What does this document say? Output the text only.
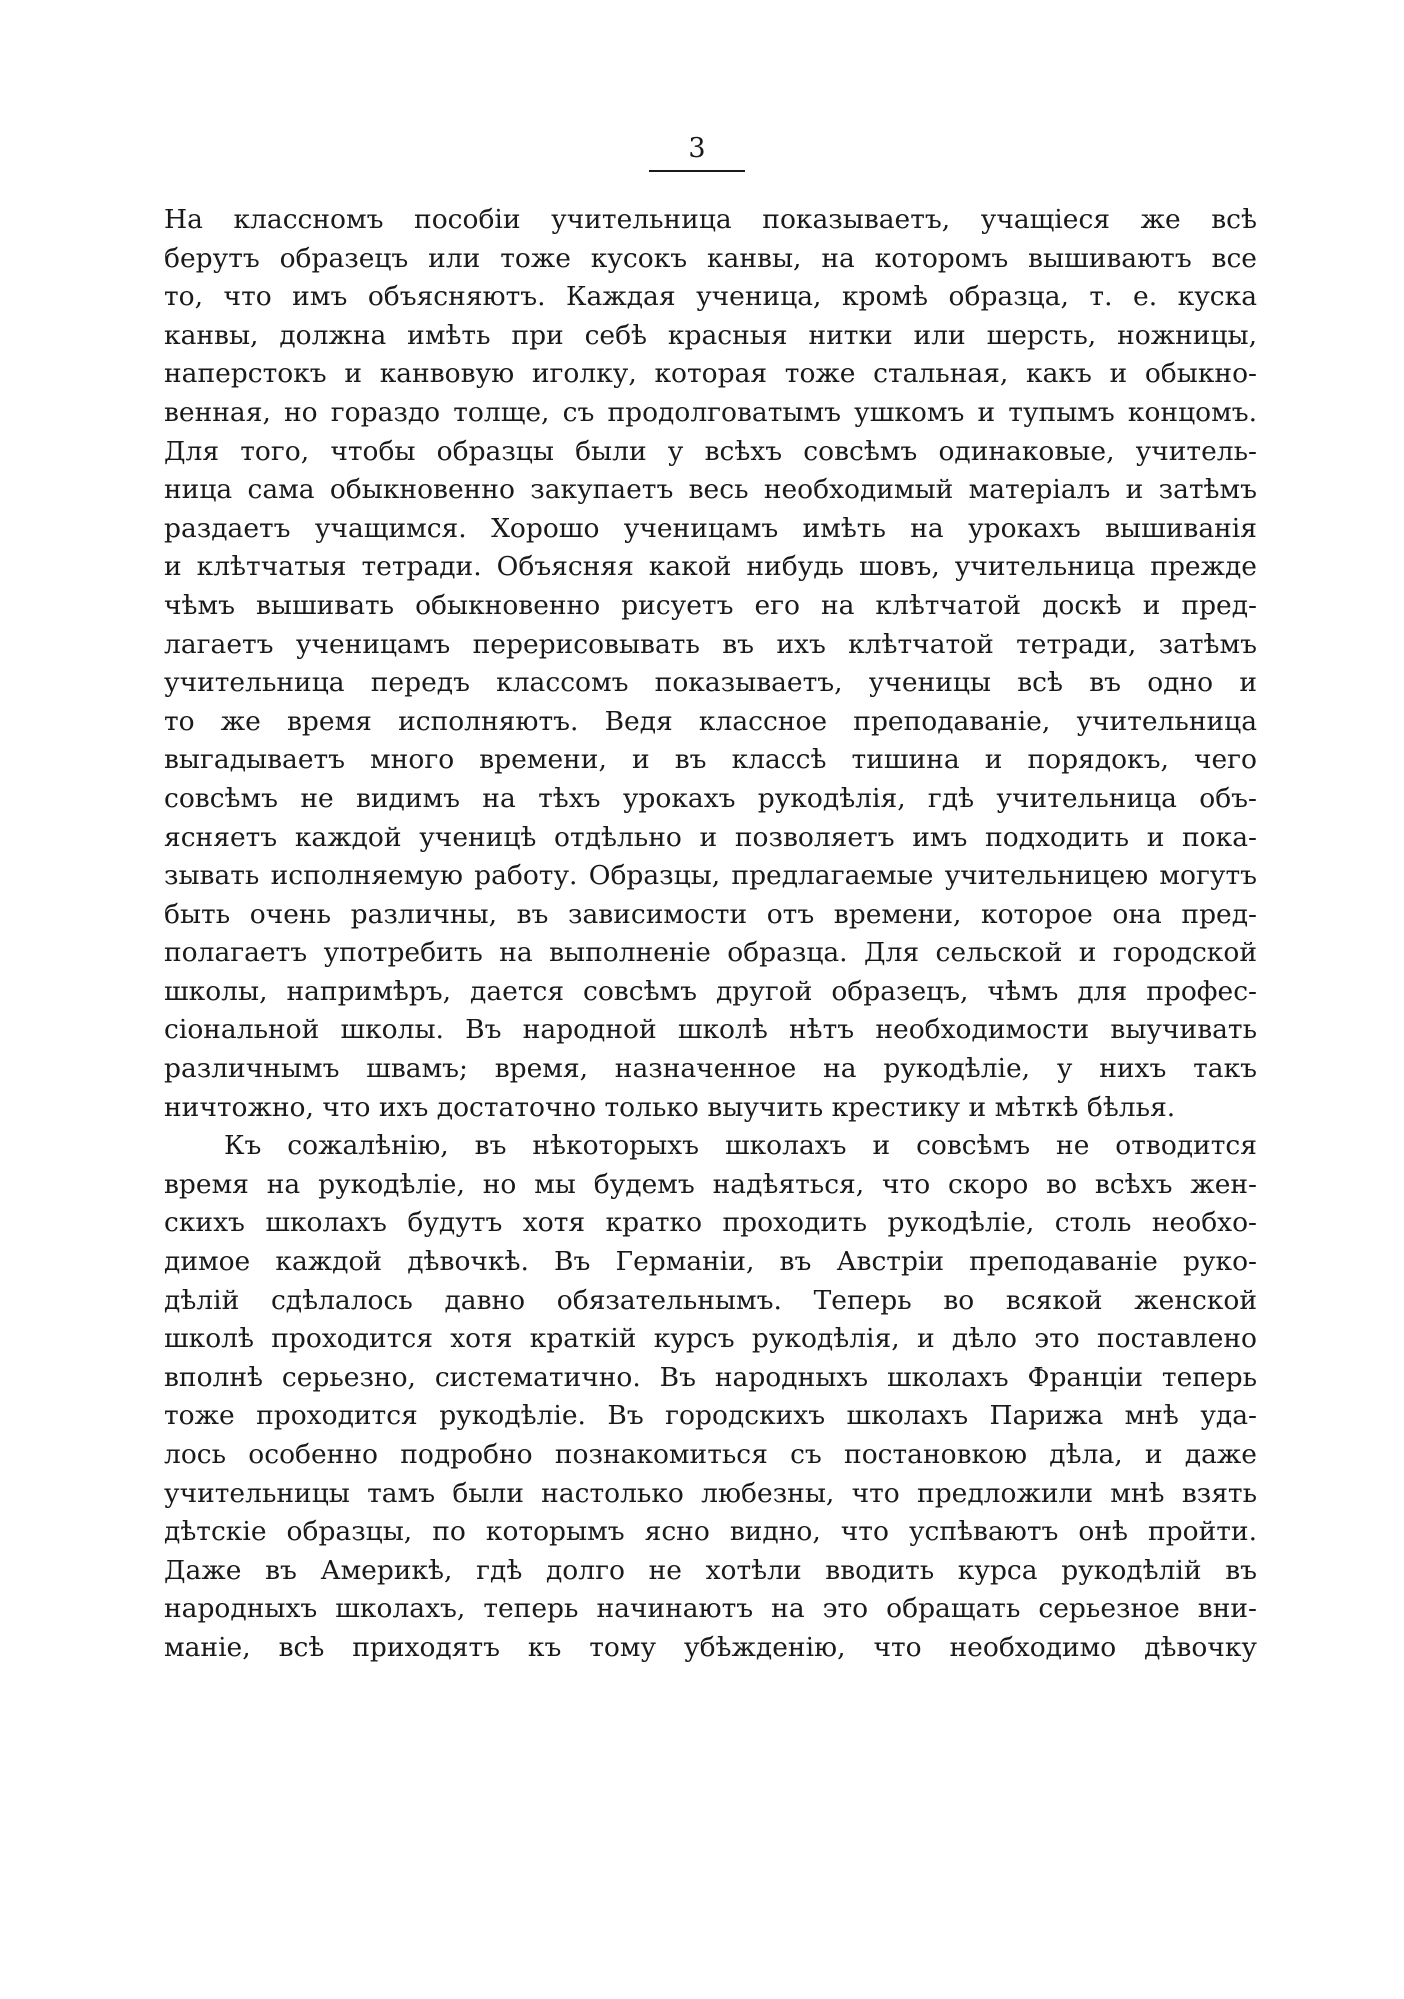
3
На классномъ пособіи учительница показываетъ, учащіеся же всѣ
берутъ образецъ или тоже кусокъ канвы, на которомъ вышиваютъ все
то, что имъ объясняютъ. Каждая ученица, кромѣ образца, т. е. куска
канвы, должна имѣть при себѣ красныя нитки или шерсть, ножницы,
наперстокъ и канвовую иголку, которая тоже стальная, какъ и обыкно-
венная, но гораздо толще, съ продолговатымъ ушкомъ и тупымъ концомъ.
Для того, чтобы образцы были у всѣхъ совсѣмъ одинаковые, учитель-
ница сама обыкновенно закупаетъ весь необходимый матеріалъ и затѣмъ
раздаетъ учащимся. Хорошо ученицамъ имѣть на урокахъ вышиванія
и клѣтчатыя тетради. Объясняя какой нибудь шовъ, учительница прежде
чѣмъ вышивать обыкновенно рисуетъ его на клѣтчатой доскѣ и пред-
лагаетъ ученицамъ перерисовывать въ ихъ клѣтчатой тетради, затѣмъ
учительница передъ классомъ показываетъ, ученицы всѣ въ одно и
то же время исполняютъ. Ведя классное преподаваніе, учительница
выгадываетъ много времени, и въ классѣ тишина и порядокъ, чего
совсѣмъ не видимъ на тѣхъ урокахъ рукодѣлія, гдѣ учительница объ-
ясняетъ каждой ученицѣ отдѣльно и позволяетъ имъ подходить и пока-
зывать исполняемую работу. Образцы, предлагаемые учительницею могутъ
быть очень различны, въ зависимости отъ времени, которое она пред-
полагаетъ употребить на выполненіе образца. Для сельской и городской
школы, напримѣръ, дается совсѣмъ другой образецъ, чѣмъ для профес-
сіональной школы. Въ народной школѣ нѣтъ необходимости выучивать
различнымъ швамъ; время, назначенное на рукодѣліе, у нихъ такъ
ничтожно, что ихъ достаточно только выучить крестику и мѣткѣ бѣлья.
Къ сожалѣнію, въ нѣкоторыхъ школахъ и совсѣмъ не отводится
время на рукодѣліе, но мы будемъ надѣяться, что скоро во всѣхъ жен-
скихъ школахъ будутъ хотя кратко проходить рукодѣліе, столь необхо-
димое каждой дѣвочкѣ. Въ Германіи, въ Австріи преподаваніе руко-
дѣлій сдѣлалось давно обязательнымъ. Теперь во всякой женской
школѣ проходится хотя краткій курсъ рукодѣлія, и дѣло это поставлено
вполнѣ серьезно, систематично. Въ народныхъ школахъ Франціи теперь
тоже проходится рукодѣліе. Въ городскихъ школахъ Парижа мнѣ уда-
лось особенно подробно познакомиться съ постановкою дѣла, и даже
учительницы тамъ были настолько любезны, что предложили мнѣ взять
дѣтскіе образцы, по которымъ ясно видно, что успѣваютъ онѣ пройти.
Даже въ Америкѣ, гдѣ долго не хотѣли вводить курса рукодѣлій въ
народныхъ школахъ, теперь начинаютъ на это обращать серьезное вни-
маніе, всѣ приходятъ къ тому убѣжденію, что необходимо дѣвочку
